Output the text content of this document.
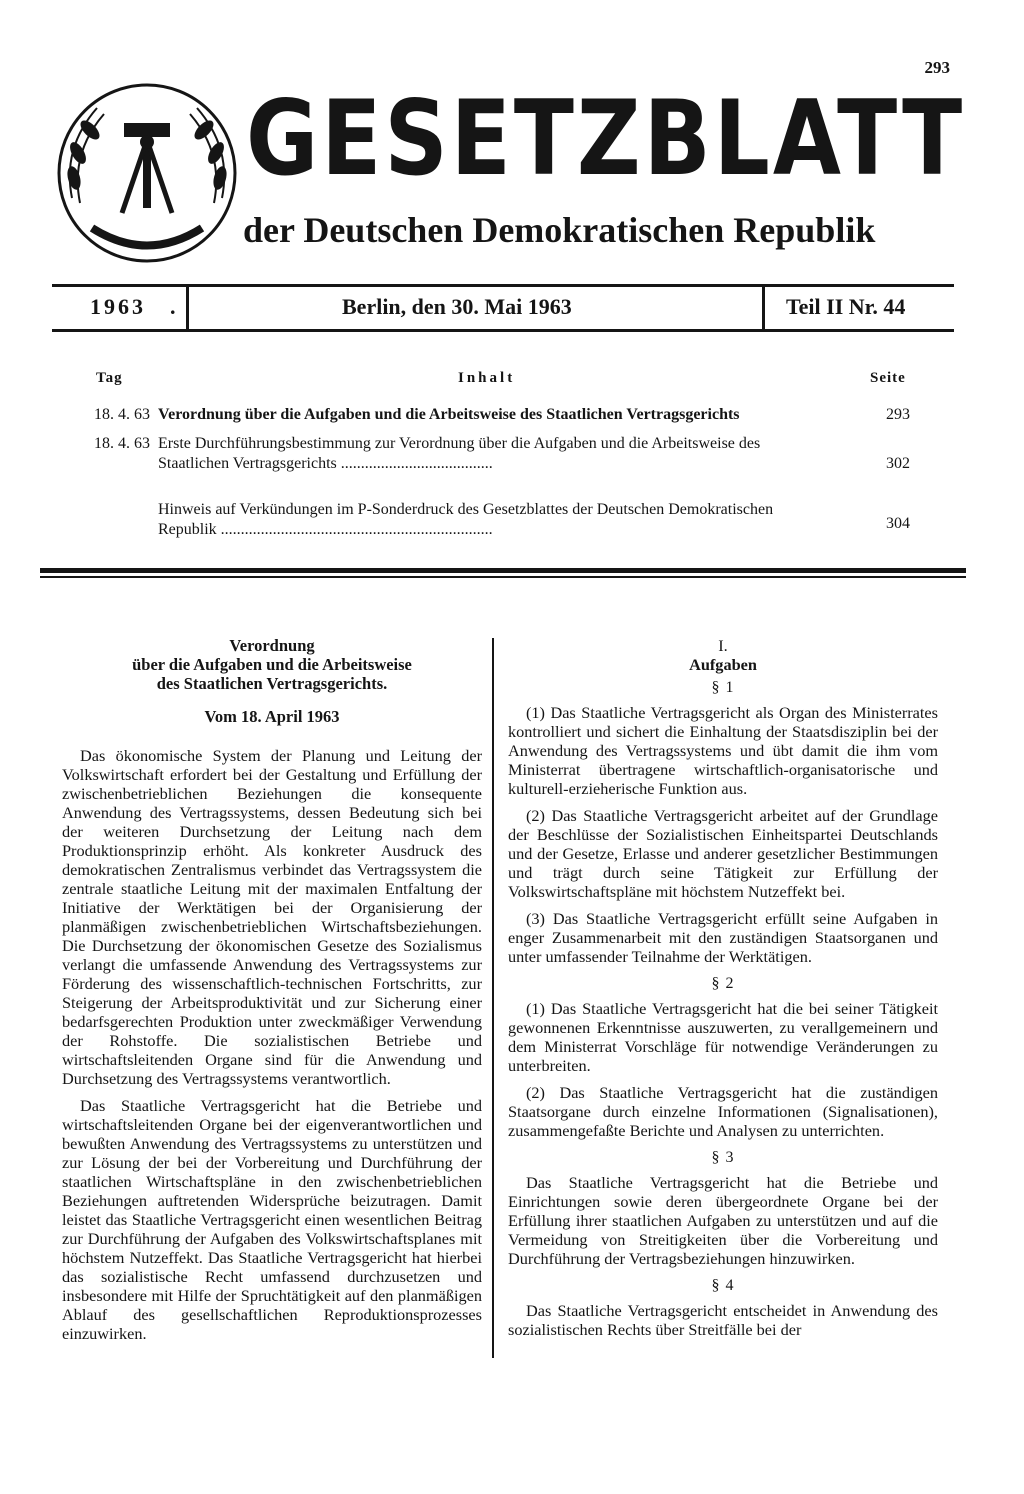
293
GESETZBLATT
der Deutschen Demokratischen Republik
1963 .	Berlin, den 30. Mai 1963	Teil II Nr. 44
Tag	Inhalt	Seite
18. 4. 63 Verordnung über die Aufgaben und die Arbeitsweise des Staatlichen Vertragsgerichts	293
18. 4. 63 Erste Durchführungsbestimmung zur Verordnung über die Aufgaben und die Arbeitsweise des Staatlichen Vertragsgerichts ......................................	302
Hinweis auf Verkündungen im P-Sonderdruck des Gesetzblattes der Deutschen Demokratischen Republik ....................................................................	304

Verordnung

über die Aufgaben und die Arbeitsweise

des Staatlichen Vertragsgerichts.

Vom 18. April 1963

Das ökonomische System der Planung und Leitung der Volkswirtschaft erfordert bei der Gestaltung und Erfüllung der zwischenbetrieblichen Beziehungen die konsequente Anwendung des Vertragssystems, dessen Bedeutung sich bei der weiteren Durchsetzung der Leitung nach dem Produktionsprinzip erhöht. Als konkreter Ausdruck des demokratischen Zentralismus verbindet das Vertragssystem die zentrale staatliche Leitung mit der maximalen Entfaltung der Initiative der Werktätigen bei der Organisierung der planmäßigen zwischenbetrieblichen Wirtschaftsbeziehungen. Die Durchsetzung der ökonomischen Gesetze des Sozialismus verlangt die umfassende Anwendung des Vertragssystems zur Förderung des wissenschaftlich-technischen Fortschritts, zur Steigerung der Arbeitsproduktivität und zur Sicherung einer bedarfsgerechten Produktion unter zweckmäßiger Verwendung der Rohstoffe. Die sozialistischen Betriebe und wirtschaftsleitenden Organe sind für die Anwendung und Durchsetzung des Vertragssystems verantwortlich.

Das Staatliche Vertragsgericht hat die Betriebe und wirtschaftsleitenden Organe bei der eigenverantwortlichen und bewußten Anwendung des Vertragssystems zu unterstützen und zur Lösung der bei der Vorbereitung und Durchführung der staatlichen Wirtschaftspläne in den zwischenbetrieblichen Beziehungen auftretenden Widersprüche beizutragen. Damit leistet das Staatliche Vertragsgericht einen wesentlichen Beitrag zur Durchführung der Aufgaben des Volkswirtschaftsplanes mit höchstem Nutzeffekt. Das Staatliche Vertragsgericht hat hierbei das sozialistische Recht umfassend durchzusetzen und insbesondere mit Hilfe der Spruchtätigkeit auf den planmäßigen Ablauf des gesellschaftlichen Reproduktionsprozesses einzuwirken.

I.

Aufgaben

§ 1

(1) Das Staatliche Vertragsgericht als Organ des Ministerrates kontrolliert und sichert die Einhaltung der Staatsdisziplin bei der Anwendung des Vertragssystems und übt damit die ihm vom Ministerrat übertragene wirtschaftlich-organisatorische und kulturell-erzieherische Funktion aus.

(2) Das Staatliche Vertragsgericht arbeitet auf der Grundlage der Beschlüsse der Sozialistischen Einheitspartei Deutschlands und der Gesetze, Erlasse und anderer gesetzlicher Bestimmungen und trägt durch seine Tätigkeit zur Erfüllung der Volkswirtschaftspläne mit höchstem Nutzeffekt bei.

(3) Das Staatliche Vertragsgericht erfüllt seine Aufgaben in enger Zusammenarbeit mit den zuständigen Staatsorganen und unter umfassender Teilnahme der Werktätigen.

§ 2

(1) Das Staatliche Vertragsgericht hat die bei seiner Tätigkeit gewonnenen Erkenntnisse auszuwerten, zu verallgemeinern und dem Ministerrat Vorschläge für notwendige Veränderungen zu unterbreiten.

(2) Das Staatliche Vertragsgericht hat die zuständigen Staatsorgane durch einzelne Informationen (Signalisationen), zusammengefaßte Berichte und Analysen zu unterrichten.

§ 3

Das Staatliche Vertragsgericht hat die Betriebe und Einrichtungen sowie deren übergeordnete Organe bei der Erfüllung ihrer staatlichen Aufgaben zu unterstützen und auf die Vermeidung von Streitigkeiten über die Vorbereitung und Durchführung der Vertragsbeziehungen hinzuwirken.

§ 4

Das Staatliche Vertragsgericht entscheidet in Anwendung des sozialistischen Rechts über Streitfälle bei der
